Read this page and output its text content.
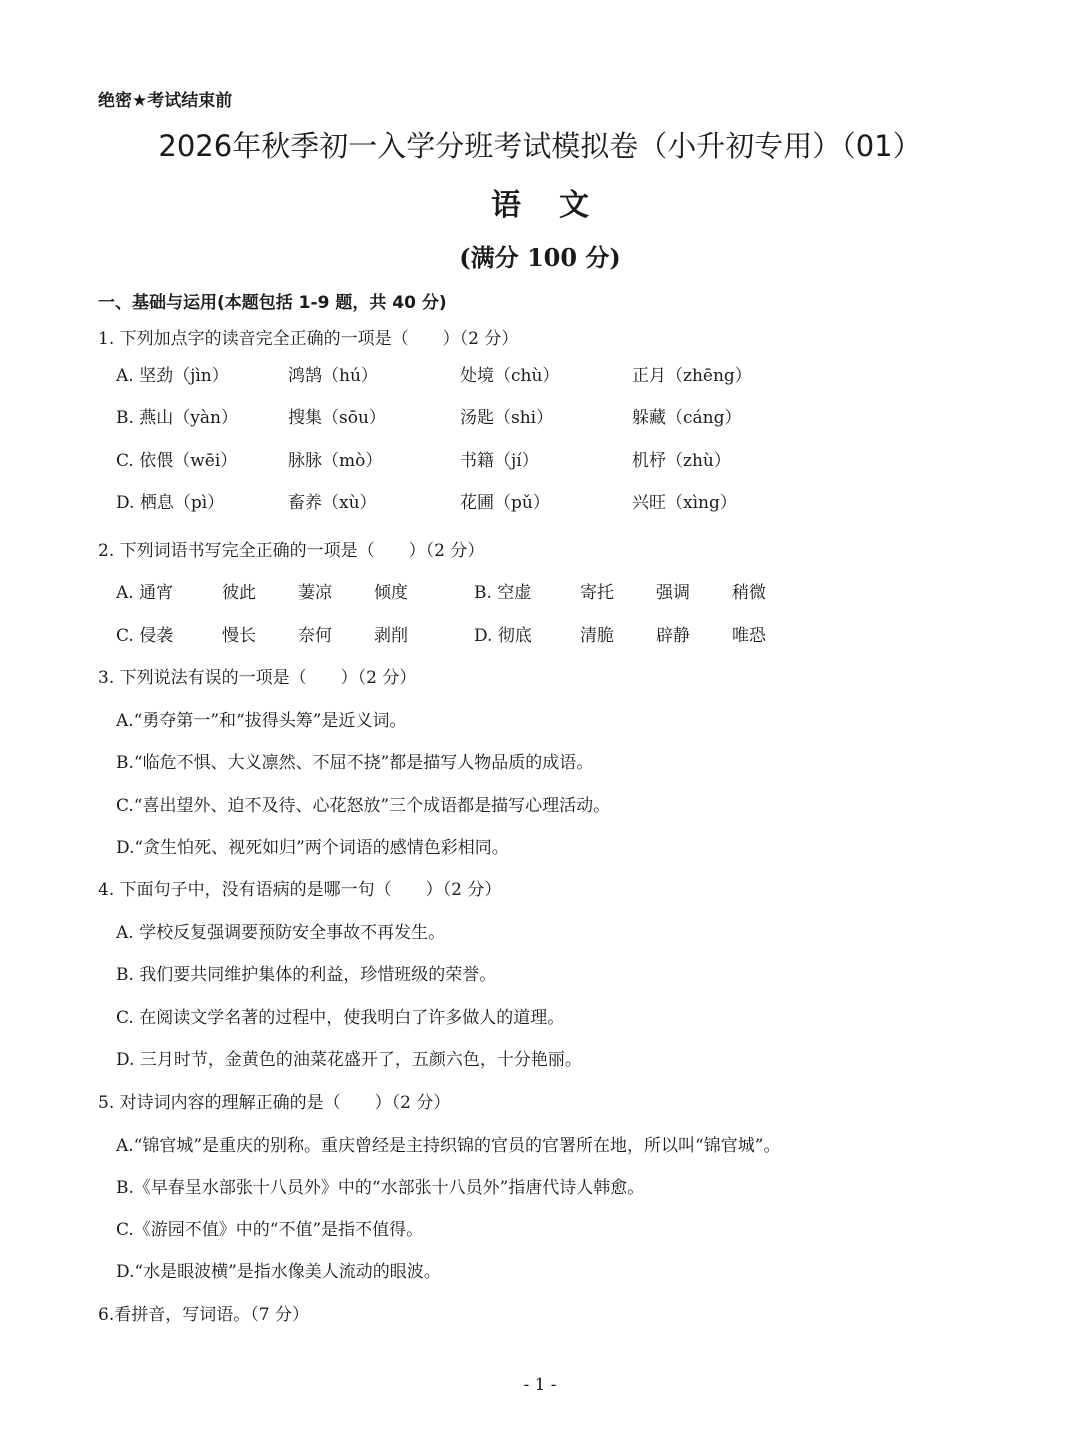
绝密★考试结束前
2026年秋季初一入学分班考试模拟卷（小升初专用）（01）
语文
(满分 100 分)
一、基础与运用(本题包括 1-9 题，共 40 分)
1. 下列加点字的读音完全正确的一项是（　　）（2 分）
A. 坚劲（jìn）	鸿鹄（hú）	处境（chù）	正月（zhēng）
B. 燕山（yàn）	搜集（sōu）	汤匙（shi）	躲藏（cáng）
C. 依偎（wēi）	脉脉（mò）	书籍（jí）	机杼（zhù）
D. 栖息（pì）	畜养（xù）	花圃（pǔ）	兴旺（xìng）
2. 下列词语书写完全正确的一项是（　　）（2 分）
A. 通宵	彼此 萋凉 倾度	B. 空虚	寄托 强调 稍微
C. 侵袭	慢长 奈何 剥削	D. 彻底	清脆 辟静 唯恐
3. 下列说法有误的一项是（　　）（2 分）
A.“勇夺第一”和“拔得头筹”是近义词。
B.“临危不惧、大义凛然、不屈不挠”都是描写人物品质的成语。
C.“喜出望外、迫不及待、心花怒放”三个成语都是描写心理活动。
D.“贪生怕死、视死如归”两个词语的感情色彩相同。
4. 下面句子中，没有语病的是哪一句（　　）（2 分）
A. 学校反复强调要预防安全事故不再发生。
B. 我们要共同维护集体的利益，珍惜班级的荣誉。
C. 在阅读文学名著的过程中，使我明白了许多做人的道理。
D. 三月时节，金黄色的油菜花盛开了，五颜六色，十分艳丽。
5. 对诗词内容的理解正确的是（　　）（2 分）
A.“锦官城”是重庆的别称。重庆曾经是主持织锦的官员的官署所在地，所以叫“锦官城”。
B.《早春呈水部张十八员外》中的“水部张十八员外”指唐代诗人韩愈。
C.《游园不值》中的“不值”是指不值得。
D.“水是眼波横”是指水像美人流动的眼波。
6.看拼音，写词语。（7 分）
- 1 -
